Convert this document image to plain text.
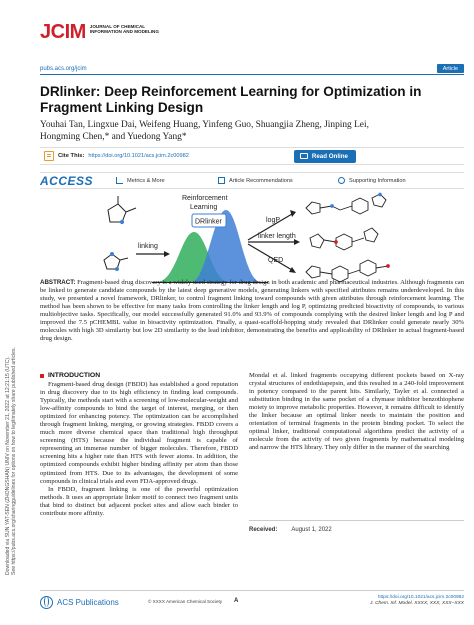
Downloaded via SUN YAT-SEN (ZHONGSHAN) UNIV on November 21, 2022 at 12:21:15 (UTC). See https://pubs.acs.org/sharingguidelines for options on how to legitimately share published articles.
JCIM JOURNAL OF CHEMICAL INFORMATION AND MODELING
pubs.acs.org/jcim	Article
DRlinker: Deep Reinforcement Learning for Optimization in
Fragment Linking Design
Youhai Tan, Lingxue Dai, Weifeng Huang, Yinfeng Guo, Shuangjia Zheng, Jinping Lei,
Hongming Chen,* and Yuedong Yang*
Cite This: https://doi.org/10.1021/acs.jcim.2c00982	Read Online
ACCESS	Metrics & More	Article Recommendations	Supporting Information
linking
Reinforcement
Learning
DRlinker	logP
linker length
QED
ABSTRACT: Fragment-based drug discovery is a widely used strategy for drug design in both academic and pharmaceutical industries. Although fragments can be linked to generate candidate compounds by the latest deep generative models, generating linkers with specified attributes remains underdeveloped. In this study, we presented a novel framework, DRlinker, to control fragment linking toward compounds with given attributes through reinforcement learning. The method has been shown to be effective for many tasks from controlling the linker length and log P, optimizing predicted bioactivity of compounds, to various multiobjective tasks. Specifically, our model successfully generated 91.0% and 93.9% of compounds complying with the desired linker length and log P and improved the 7.5 pCHEMBL value in bioactivity optimization. Finally, a quasi-scaffold-hopping study revealed that DRlinker could generate nearly 30% molecules with high 3D similarity but low 2D similarity to the lead inhibitor, demonstrating the benefits and applicability of DRlinker in actual fragment-based drug design.
INTRODUCTION

Fragment-based drug design (FBDD) has established a good reputation in drug discovery due to its high efficiency in finding lead compounds. Typically, the methods start with a screening of low-molecular-weight and low-affinity compounds to bind the target of interest, merging, or then optimized for enhancing potency. The optimization can be accomplished through fragment linking, merging, or growing strategies. FBDD covers a much more diverse chemical space than traditional high throughput screening (HTS) because the individual fragment is capable of representing an immense number of bigger molecules. Therefore, FBDD screening hits a higher rate than HTS with fewer atoms. In addition, the optimized compounds exhibit higher binding affinity per atom than those optimized from HTS. Due to its advantages, the development of some compounds in clinical trials and even FDA-approved drugs.

In FBDD, fragment linking is one of the powerful optimization methods. It uses an appropriate linker motif to connect two fragment units that bind to distinct but adjacent pocket sites and allow each binder to contribute more affinity.

Mondal et al. linked fragments occupying different pockets based on X-ray crystal structures of endothiapepsin, and this resulted in a 240-fold improvement in potency compared to the parent hits. Similarly, Tayler et al. connected a substitution binding in the same pocket of a chymase inhibitor benzothiophene moiety to improve metabolic properties. However, it remains difficult to identify the linker because an optimal linker needs to maintain the position and orientation of terminal fragments in the protein binding pocket. To select the optimal linker, traditional computational algorithms predict the activity of a molecule from the activity of two given fragments by mathematical modeling and narrow the HTS library. They only differ in the manner of the searching
Received: August 1, 2022
ACS Publications	© XXXX American Chemical Society A
https://doi.org/10.1021/acs.jcim.2c00982
J. Chem. Inf. Model. XXXX, XXX, XXX−XXX
